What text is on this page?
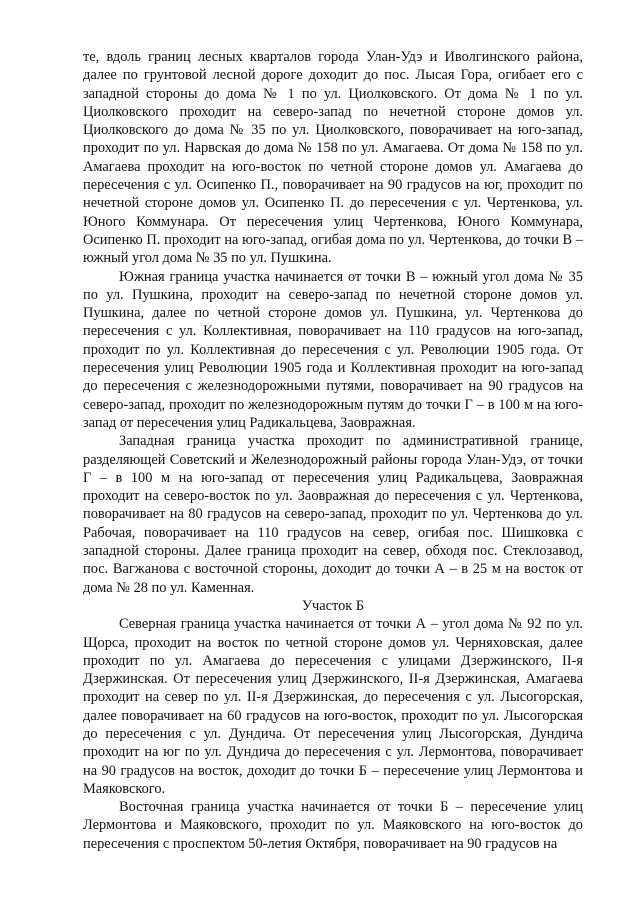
те, вдоль границ лесных кварталов города Улан-Удэ и Иволгинского района, далее по грунтовой лесной дороге доходит до пос. Лысая Гора, огибает его с западной стороны до дома № 1 по ул. Циолковского. От дома № 1 по ул. Циолковского проходит на северо-запад по нечетной стороне домов ул. Циолковского до дома № 35 по ул. Циолковского, поворачивает на юго-запад, проходит по ул. Нарвская до дома № 158 по ул. Амагаева. От дома № 158 по ул. Амагаева проходит на юго-восток по четной стороне домов ул. Амагаева до пересечения с ул. Осипенко П., поворачивает на 90 градусов на юг, проходит по нечетной стороне домов ул. Осипенко П. до пересечения с ул. Чертенкова, ул. Юного Коммунара. От пересечения улиц Чертенкова, Юного Коммунара, Осипенко П. проходит на юго-запад, огибая дома по ул. Чертенкова, до точки В – южный угол дома № 35 по ул. Пушкина.

Южная граница участка начинается от точки В – южный угол дома № 35 по ул. Пушкина, проходит на северо-запад по нечетной стороне домов ул. Пушкина, далее по четной стороне домов ул. Пушкина, ул. Чертенкова до пересечения с ул. Коллективная, поворачивает на 110 градусов на юго-запад, проходит по ул. Коллективная до пересечения с ул. Революции 1905 года. От пересечения улиц Революции 1905 года и Коллективная проходит на юго-запад до пересечения с железнодорожными путями, поворачивает на 90 градусов на северо-запад, проходит по железнодорожным путям до точки Г – в 100 м на юго-запад от пересечения улиц Радикальцева, Заовражная.

Западная граница участка проходит по административной границе, разделяющей Советский и Железнодорожный районы города Улан-Удэ, от точки Г – в 100 м на юго-запад от пересечения улиц Радикальцева, Заовражная проходит на северо-восток по ул. Заовражная до пересечения с ул. Чертенкова, поворачивает на 80 градусов на северо-запад, проходит по ул. Чертенкова до ул. Рабочая, поворачивает на 110 градусов на север, огибая пос. Шишковка с западной стороны. Далее граница проходит на север, обходя пос. Стеклозавод, пос. Вагжанова с восточной стороны, доходит до точки А – в 25 м на восток от дома № 28 по ул. Каменная.

Участок Б

Северная граница участка начинается от точки А – угол дома № 92 по ул. Щорса, проходит на восток по четной стороне домов ул. Черняховская, далее проходит по ул. Амагаева до пересечения с улицами Дзержинского, II-я Дзержинская. От пересечения улиц Дзержинского, II-я Дзержинская, Амагаева проходит на север по ул. II-я Дзержинская, до пересечения с ул. Лысогорская, далее поворачивает на 60 градусов на юго-восток, проходит по ул. Лысогорская до пересечения с ул. Дундича. От пересечения улиц Лысогорская, Дундича проходит на юг по ул. Дундича до пересечения с ул. Лермонтова, поворачивает на 90 градусов на восток, доходит до точки Б – пересечение улиц Лермонтова и Маяковского.

Восточная граница участка начинается от точки Б – пересечение улиц Лермонтова и Маяковского, проходит по ул. Маяковского на юго-восток до пересечения с проспектом 50-летия Октября, поворачивает на 90 градусов на
